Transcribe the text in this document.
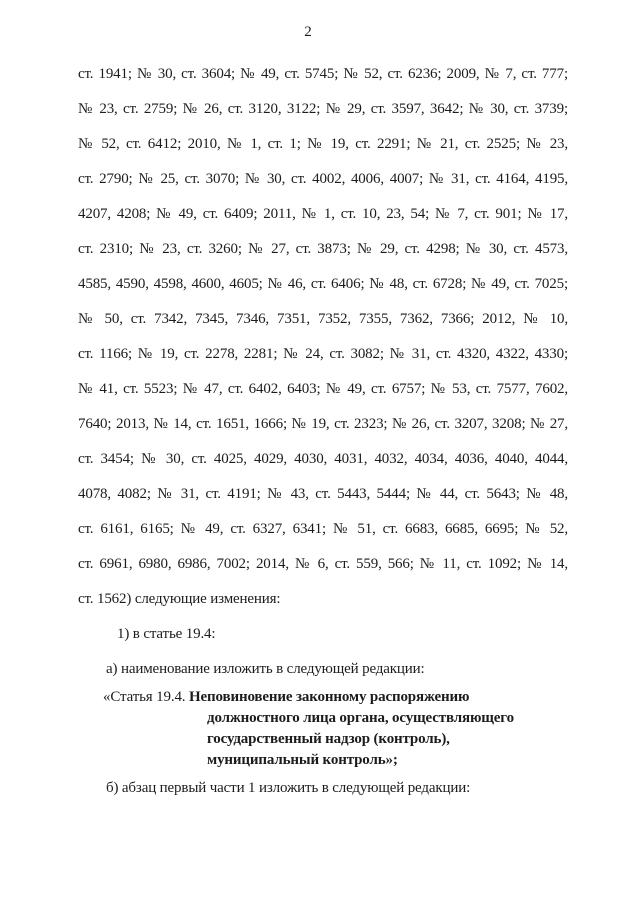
2
ст. 1941; № 30, ст. 3604; № 49, ст. 5745; № 52, ст. 6236; 2009, № 7, ст. 777;
№ 23, ст. 2759; № 26, ст. 3120, 3122; № 29, ст. 3597, 3642; № 30, ст. 3739;
№ 52, ст. 6412; 2010, № 1, ст. 1; № 19, ст. 2291; № 21, ст. 2525; № 23,
ст. 2790; № 25, ст. 3070; № 30, ст. 4002, 4006, 4007; № 31, ст. 4164, 4195,
4207, 4208; № 49, ст. 6409; 2011, № 1, ст. 10, 23, 54; № 7, ст. 901; № 17,
ст. 2310; № 23, ст. 3260; № 27, ст. 3873; № 29, ст. 4298; № 30, ст. 4573,
4585, 4590, 4598, 4600, 4605; № 46, ст. 6406; № 48, ст. 6728; № 49, ст. 7025;
№ 50, ст. 7342, 7345, 7346, 7351, 7352, 7355, 7362, 7366; 2012, № 10,
ст. 1166; № 19, ст. 2278, 2281; № 24, ст. 3082; № 31, ст. 4320, 4322, 4330;
№ 41, ст. 5523; № 47, ст. 6402, 6403; № 49, ст. 6757; № 53, ст. 7577, 7602,
7640; 2013, № 14, ст. 1651, 1666; № 19, ст. 2323; № 26, ст. 3207, 3208; № 27,
ст. 3454; № 30, ст. 4025, 4029, 4030, 4031, 4032, 4034, 4036, 4040, 4044,
4078, 4082; № 31, ст. 4191; № 43, ст. 5443, 5444; № 44, ст. 5643; № 48,
ст. 6161, 6165; № 49, ст. 6327, 6341; № 51, ст. 6683, 6685, 6695; № 52,
ст. 6961, 6980, 6986, 7002; 2014, № 6, ст. 559, 566; № 11, ст. 1092; № 14,
ст. 1562) следующие изменения:
1) в статье 19.4:
а) наименование изложить в следующей редакции:
«Статья 19.4. Неповиновение законному распоряжению
должностного лица органа, осуществляющего
государственный надзор (контроль),
муниципальный контроль»;
б) абзац первый части 1 изложить в следующей редакции:
